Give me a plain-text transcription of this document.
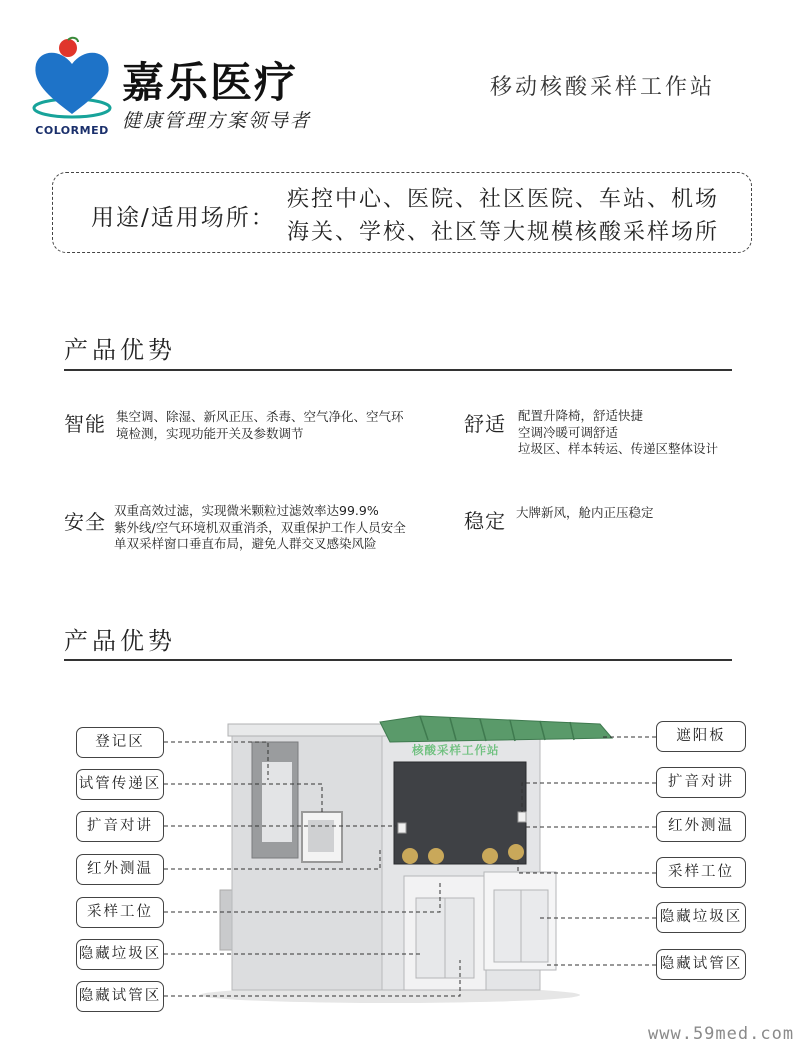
COLORMED
嘉乐医疗
健康管理方案领导者
移动核酸采样工作站
用途/适用场所：
疾控中心、医院、社区医院、车站、机场
海关、学校、社区等大规模核酸采样场所
产品优势
智能 集空调、除湿、新风正压、杀毒、空气净化、空气环
境检测，实现功能开关及参数调节	舒适 配置升降椅，舒适快捷
空调冷暖可调舒适
垃圾区、样本转运、传递区整体设计
安全 双重高效过滤，实现微米颗粒过滤效率达99.9%
紫外线/空气环境机双重消杀，双重保护工作人员安全
单双采样窗口垂直布局，避免人群交叉感染风险
稳定 大牌新风，舱内正压稳定
产品优势
核酸采样工作站
登记区
试管传递区
扩音对讲
红外测温
采样工位
隐藏垃圾区
隐藏试管区
遮阳板
扩音对讲
红外测温
采样工位
隐藏垃圾区
隐藏试管区
www.59med.com
